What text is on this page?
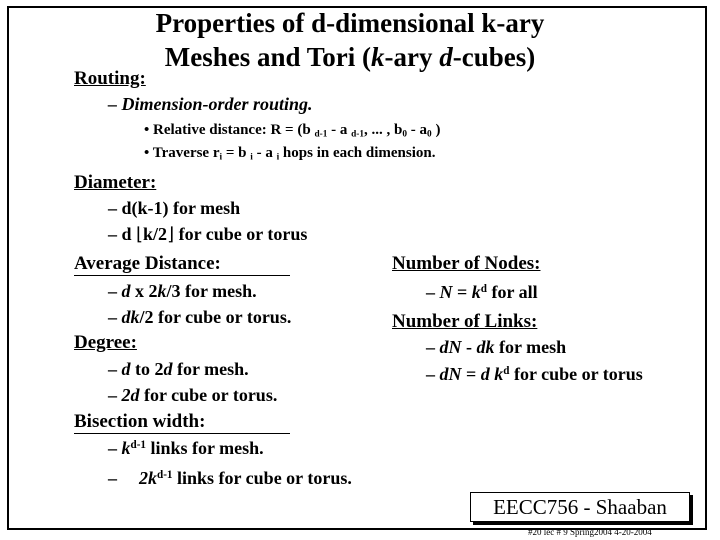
Properties of d-dimensional k-ary
Meshes and Tori (k-ary d-cubes)
Routing:
– Dimension-order routing.
• Relative distance: R = (b $_{d-1}$ - a $_{d-1}$, ... , $b_0 - a_0$ )
• Traverse $r_i = b$ $_i$ - a $_i$ hops in each dimension.
Diameter:
– d(k-1) for mesh
– d ⌊k/2⌋ for cube or torus
Average Distance:
– d x 2k/3 for mesh.
– dk/2 for cube or torus.
Degree:
– d to 2d for mesh.
– 2d for cube or torus.
Bisection width:
– $k^{d-1}$ links for mesh.
– $2k^{d-1}$ links for cube or torus.
Number of Nodes:
– $N = k^d$ for all
Number of Links:
– dN - dk for mesh
– dN = d $k^d$ for cube or torus
EECC756 - Shaaban
#20 lec # 9 Spring2004 4-20-2004
